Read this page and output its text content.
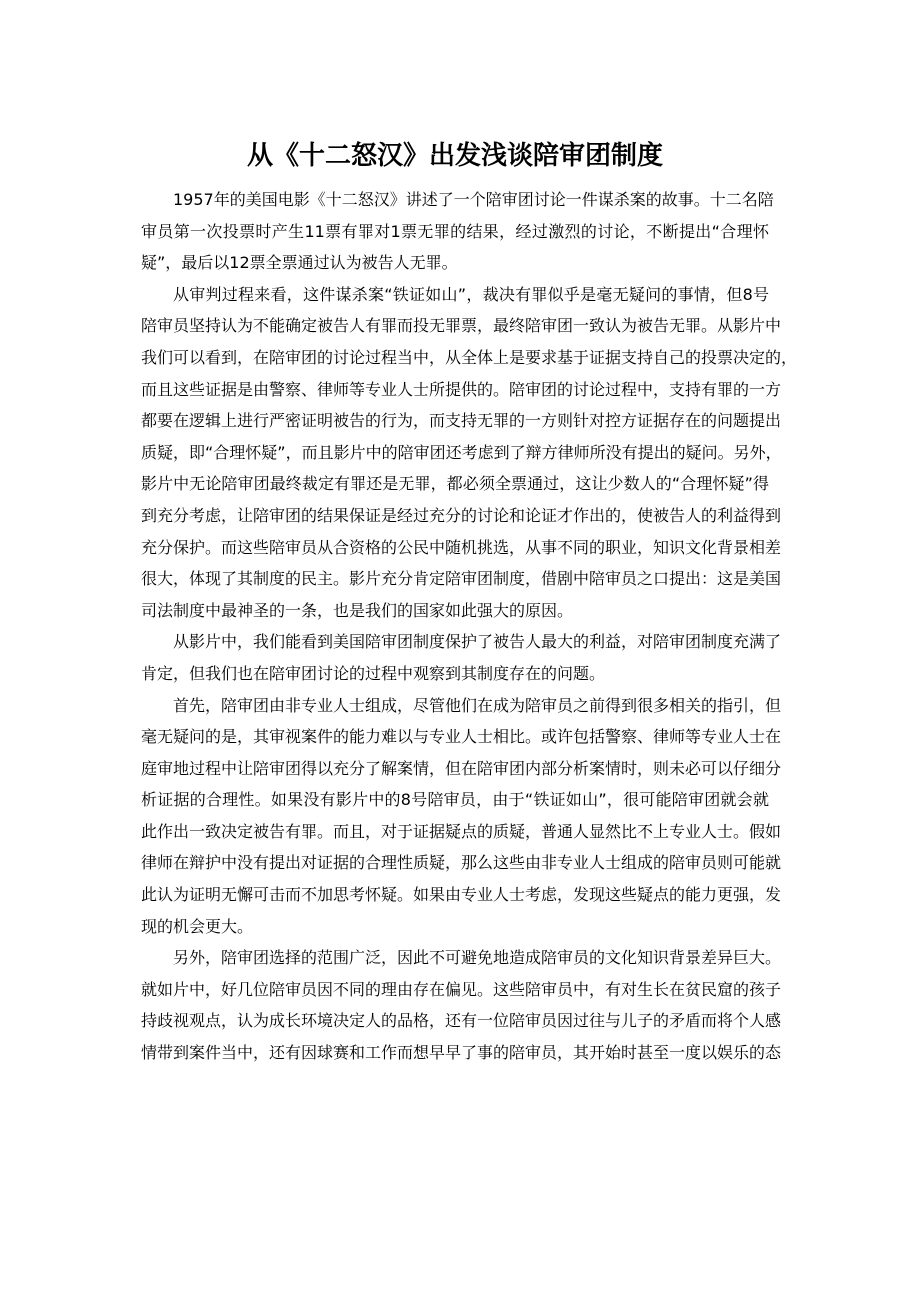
从《十二怒汉》出发浅谈陪审团制度
1957年的美国电影《十二怒汉》讲述了一个陪审团讨论一件谋杀案的故事。十二名陪
审员第一次投票时产生11票有罪对1票无罪的结果，经过激烈的讨论，不断提出“合理怀
疑”，最后以12票全票通过认为被告人无罪。
从审判过程来看，这件谋杀案“铁证如山”，裁决有罪似乎是毫无疑问的事情，但8号
陪审员坚持认为不能确定被告人有罪而投无罪票，最终陪审团一致认为被告无罪。从影片中
我们可以看到，在陪审团的讨论过程当中，从全体上是要求基于证据支持自己的投票决定的，
而且这些证据是由警察、律师等专业人士所提供的。陪审团的讨论过程中，支持有罪的一方
都要在逻辑上进行严密证明被告的行为，而支持无罪的一方则针对控方证据存在的问题提出
质疑，即“合理怀疑”，而且影片中的陪审团还考虑到了辩方律师所没有提出的疑问。另外，
影片中无论陪审团最终裁定有罪还是无罪，都必须全票通过，这让少数人的“合理怀疑”得
到充分考虑，让陪审团的结果保证是经过充分的讨论和论证才作出的，使被告人的利益得到
充分保护。而这些陪审员从合资格的公民中随机挑选，从事不同的职业，知识文化背景相差
很大，体现了其制度的民主。影片充分肯定陪审团制度，借剧中陪审员之口提出：这是美国
司法制度中最神圣的一条，也是我们的国家如此强大的原因。
从影片中，我们能看到美国陪审团制度保护了被告人最大的利益，对陪审团制度充满了
肯定，但我们也在陪审团讨论的过程中观察到其制度存在的问题。
首先，陪审团由非专业人士组成，尽管他们在成为陪审员之前得到很多相关的指引，但
毫无疑问的是，其审视案件的能力难以与专业人士相比。或许包括警察、律师等专业人士在
庭审地过程中让陪审团得以充分了解案情，但在陪审团内部分析案情时，则未必可以仔细分
析证据的合理性。如果没有影片中的8号陪审员，由于“铁证如山”，很可能陪审团就会就
此作出一致决定被告有罪。而且，对于证据疑点的质疑，普通人显然比不上专业人士。假如
律师在辩护中没有提出对证据的合理性质疑，那么这些由非专业人士组成的陪审员则可能就
此认为证明无懈可击而不加思考怀疑。如果由专业人士考虑，发现这些疑点的能力更强，发
现的机会更大。
另外，陪审团选择的范围广泛，因此不可避免地造成陪审员的文化知识背景差异巨大。
就如片中，好几位陪审员因不同的理由存在偏见。这些陪审员中，有对生长在贫民窟的孩子
持歧视观点，认为成长环境决定人的品格，还有一位陪审员因过往与儿子的矛盾而将个人感
情带到案件当中，还有因球赛和工作而想早早了事的陪审员，其开始时甚至一度以娱乐的态
